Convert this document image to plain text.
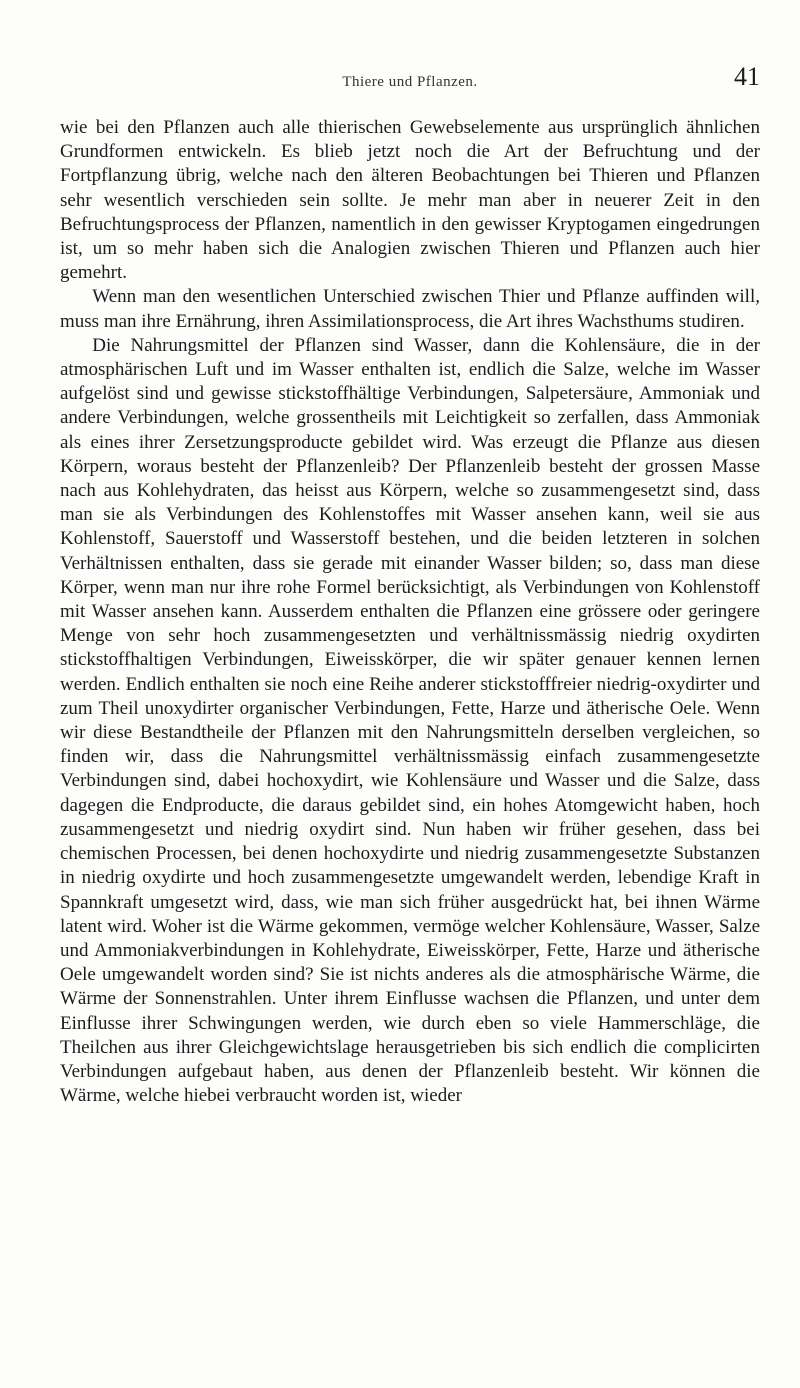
Thiere und Pflanzen.	41

wie bei den Pflanzen auch alle thierischen Gewebselemente aus ursprünglich ähnlichen Grundformen entwickeln. Es blieb jetzt noch die Art der Befruchtung und der Fortpflanzung übrig, welche nach den älteren Beobachtungen bei Thieren und Pflanzen sehr wesentlich verschieden sein sollte. Je mehr man aber in neuerer Zeit in den Befruchtungsprocess der Pflanzen, namentlich in den gewisser Kryptogamen eingedrungen ist, um so mehr haben sich die Analogien zwischen Thieren und Pflanzen auch hier gemehrt.

Wenn man den wesentlichen Unterschied zwischen Thier und Pflanze auffinden will, muss man ihre Ernährung, ihren Assimilationsprocess, die Art ihres Wachsthums studiren.

Die Nahrungsmittel der Pflanzen sind Wasser, dann die Kohlensäure, die in der atmosphärischen Luft und im Wasser enthalten ist, endlich die Salze, welche im Wasser aufgelöst sind und gewisse stickstoffhältige Verbindungen, Salpetersäure, Ammoniak und andere Verbindungen, welche grossentheils mit Leichtigkeit so zerfallen, dass Ammoniak als eines ihrer Zersetzungsproducte gebildet wird. Was erzeugt die Pflanze aus diesen Körpern, woraus besteht der Pflanzenleib? Der Pflanzenleib besteht der grossen Masse nach aus Kohlehydraten, das heisst aus Körpern, welche so zusammengesetzt sind, dass man sie als Verbindungen des Kohlenstoffes mit Wasser ansehen kann, weil sie aus Kohlenstoff, Sauerstoff und Wasserstoff bestehen, und die beiden letzteren in solchen Verhältnissen enthalten, dass sie gerade mit einander Wasser bilden; so, dass man diese Körper, wenn man nur ihre rohe Formel berücksichtigt, als Verbindungen von Kohlenstoff mit Wasser ansehen kann. Ausserdem enthalten die Pflanzen eine grössere oder geringere Menge von sehr hoch zusammengesetzten und verhältnissmässig niedrig oxydirten stickstoffhaltigen Verbindungen, Eiweisskörper, die wir später genauer kennen lernen werden. Endlich enthalten sie noch eine Reihe anderer stickstofffreier niedrig-oxydirter und zum Theil unoxydirter organischer Verbindungen, Fette, Harze und ätherische Oele. Wenn wir diese Bestandtheile der Pflanzen mit den Nahrungsmitteln derselben vergleichen, so finden wir, dass die Nahrungsmittel verhältnissmässig einfach zusammengesetzte Verbindungen sind, dabei hochoxydirt, wie Kohlensäure und Wasser und die Salze, dass dagegen die Endproducte, die daraus gebildet sind, ein hohes Atomgewicht haben, hoch zusammengesetzt und niedrig oxydirt sind. Nun haben wir früher gesehen, dass bei chemischen Processen, bei denen hochoxydirte und niedrig zusammengesetzte Substanzen in niedrig oxydirte und hoch zusammengesetzte umgewandelt werden, lebendige Kraft in Spannkraft umgesetzt wird, dass, wie man sich früher ausgedrückt hat, bei ihnen Wärme latent wird. Woher ist die Wärme gekommen, vermöge welcher Kohlensäure, Wasser, Salze und Ammoniakverbindungen in Kohlehydrate, Eiweisskörper, Fette, Harze und ätherische Oele umgewandelt worden sind? Sie ist nichts anderes als die atmosphärische Wärme, die Wärme der Sonnenstrahlen. Unter ihrem Einflusse wachsen die Pflanzen, und unter dem Einflusse ihrer Schwingungen werden, wie durch eben so viele Hammerschläge, die Theilchen aus ihrer Gleichgewichtslage herausgetrieben bis sich endlich die complicirten Verbindungen aufgebaut haben, aus denen der Pflanzenleib besteht. Wir können die Wärme, welche hiebei verbraucht worden ist, wieder
